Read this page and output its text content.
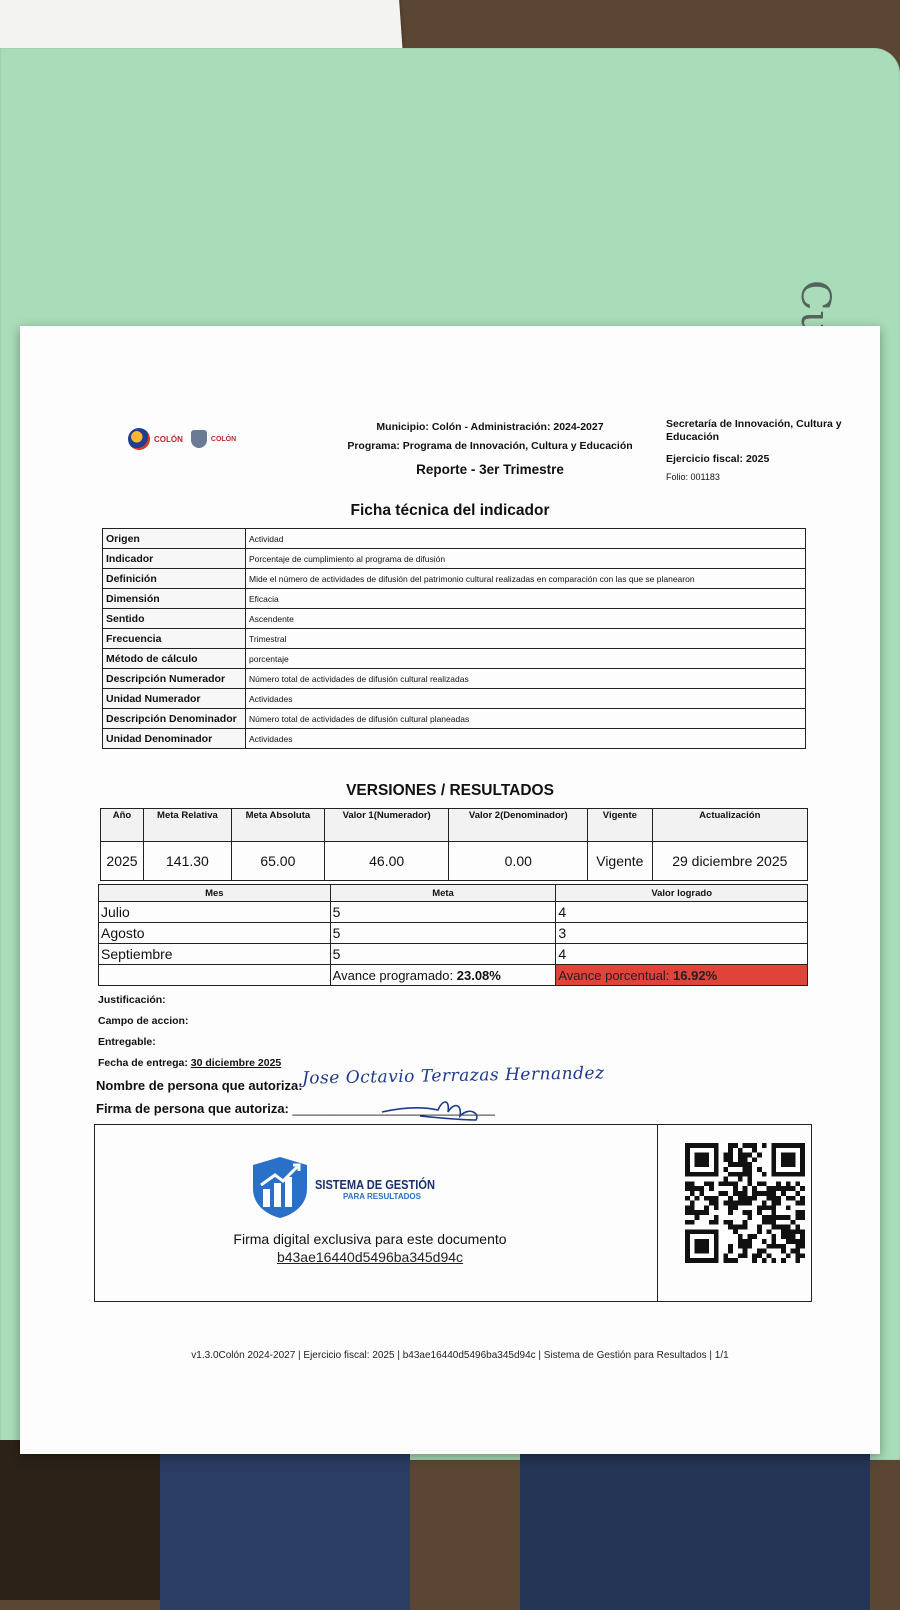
COLÓN	COLÓN
Municipio: Colón - Administración: 2024-2027
Programa: Programa de Innovación, Cultura y Educación
Reporte - 3er Trimestre
Secretaría de Innovación, Cultura y Educación
Ejercicio fiscal: 2025
Folio: 001183
Ficha técnica del indicador
Origen	Actividad
Indicador	Porcentaje de cumplimiento al programa de difusión
Definición	Mide el número de actividades de difusión del patrimonio cultural realizadas en comparación con las que se planearon
Dimensión	Eficacia
Sentido	Ascendente
Frecuencia	Trimestral
Método de cálculo	porcentaje
Descripción Numerador	Número total de actividades de difusión cultural realizadas
Unidad Numerador	Actividades
Descripción Denominador	Número total de actividades de difusión cultural planeadas
Unidad Denominador	Actividades
VERSIONES / RESULTADOS
Año	Meta Relativa	Meta Absoluta	Valor 1(Numerador)	Valor 2(Denominador)	Vigente	Actualización
2025	141.30	65.00	46.00	0.00	Vigente	29 diciembre 2025
Mes	Meta	Valor logrado
Julio	5	4
Agosto	5	3
Septiembre	5	4
	Avance programado: 23.08%	Avance porcentual: 16.92%
Justificación:
Campo de accion:
Entregable:
Fecha de entrega: 30 diciembre 2025
Nombre de persona que autoriza:
Firma de persona que autoriza: ____________________________
Jose Octavio Terrazas Hernandez
SISTEMA DE GESTIÓN
PARA RESULTADOS
Firma digital exclusiva para este documento
b43ae16440d5496ba345d94c
v1.3.0Colón 2024-2027 | Ejercicio fiscal: 2025 | b43ae16440d5496ba345d94c | Sistema de Gestión para Resultados | 1/1
